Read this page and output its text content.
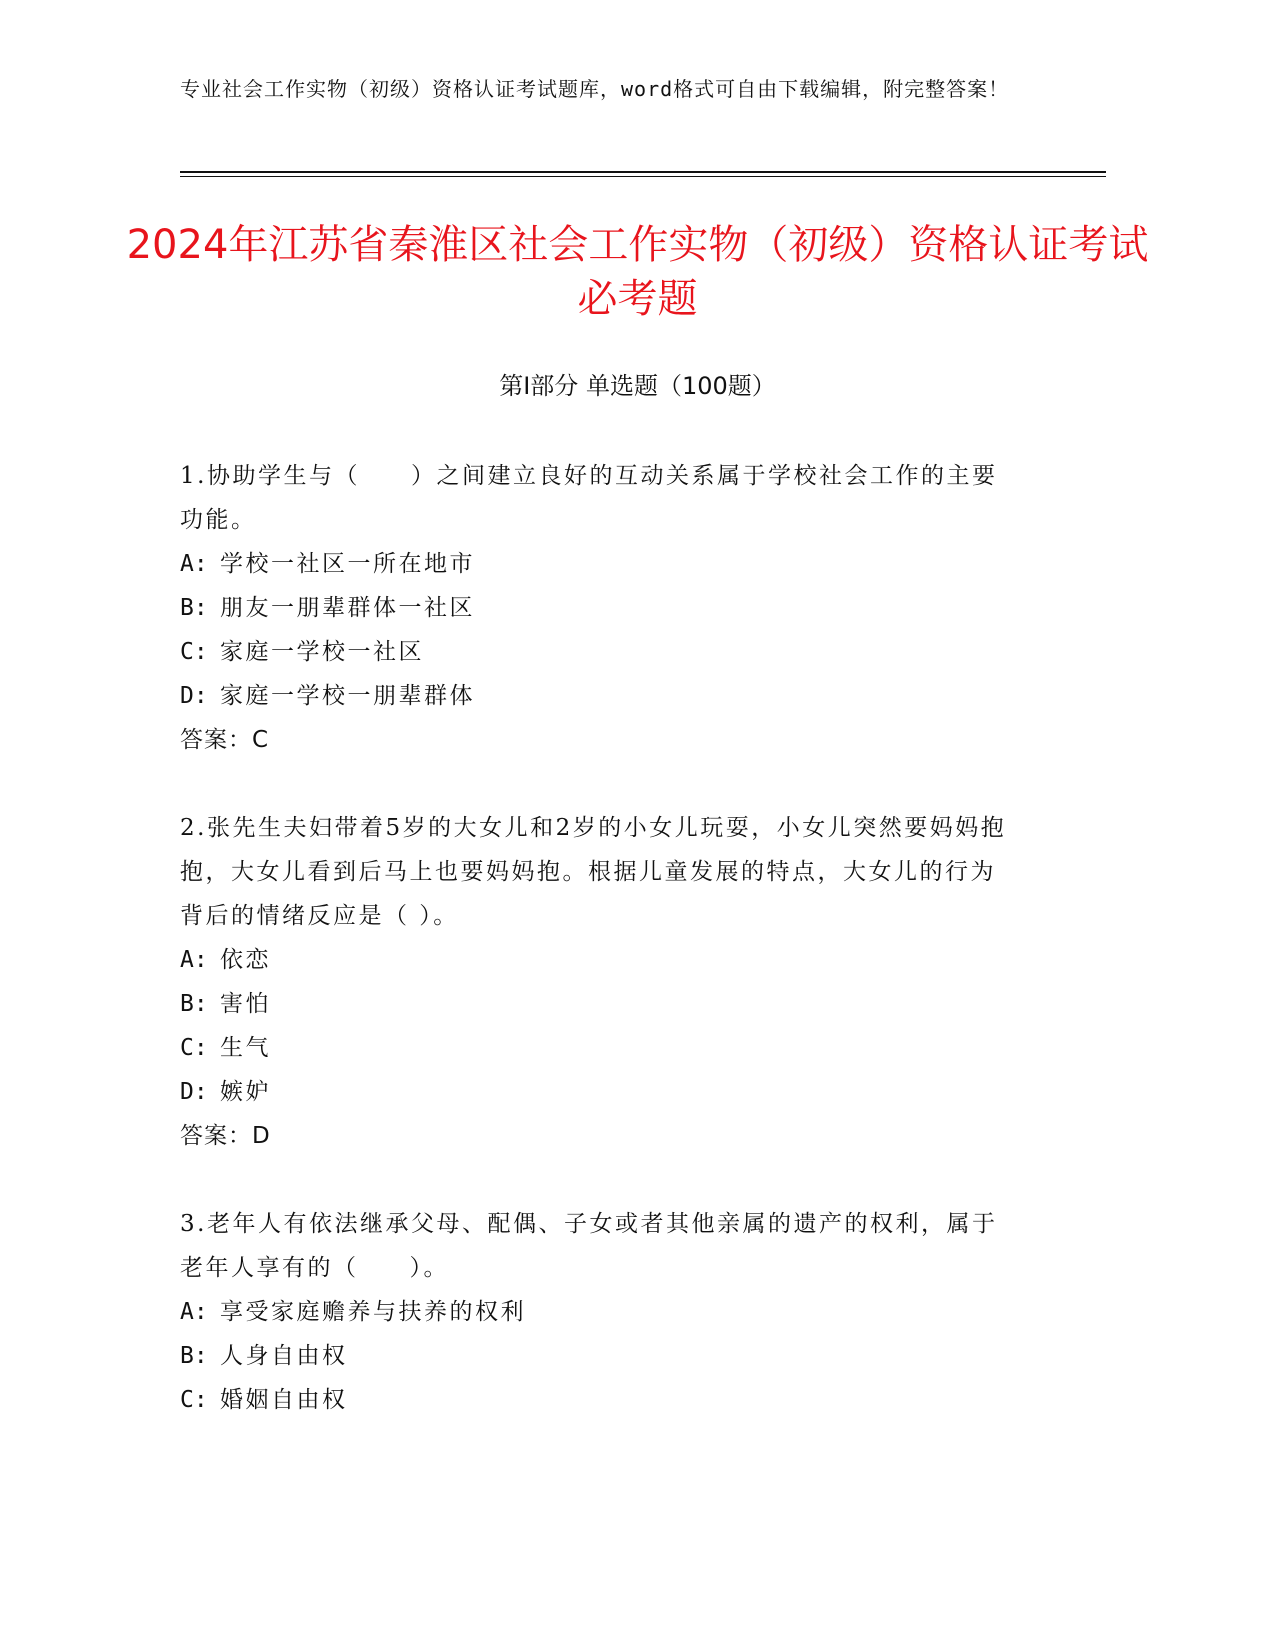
专业社会工作实物（初级）资格认证考试题库，word格式可自由下载编辑，附完整答案！
2024年江苏省秦淮区社会工作实物（初级）资格认证考试必考题
第Ⅰ部分 单选题（100题）
1.协助学生与（　　）之间建立良好的互动关系属于学校社会工作的主要功能。
A: 学校一社区一所在地市
B: 朋友一朋辈群体一社区
C: 家庭一学校一社区
D: 家庭一学校一朋辈群体
答案：C
2.张先生夫妇带着5岁的大女儿和2岁的小女儿玩耍，小女儿突然要妈妈抱抱，大女儿看到后马上也要妈妈抱。根据儿童发展的特点，大女儿的行为背后的情绪反应是（ ）。
A: 依恋
B: 害怕
C: 生气
D: 嫉妒
答案：D
3.老年人有依法继承父母、配偶、子女或者其他亲属的遗产的权利，属于老年人享有的（　　）。
A: 享受家庭赡养与扶养的权利
B: 人身自由权
C: 婚姻自由权
